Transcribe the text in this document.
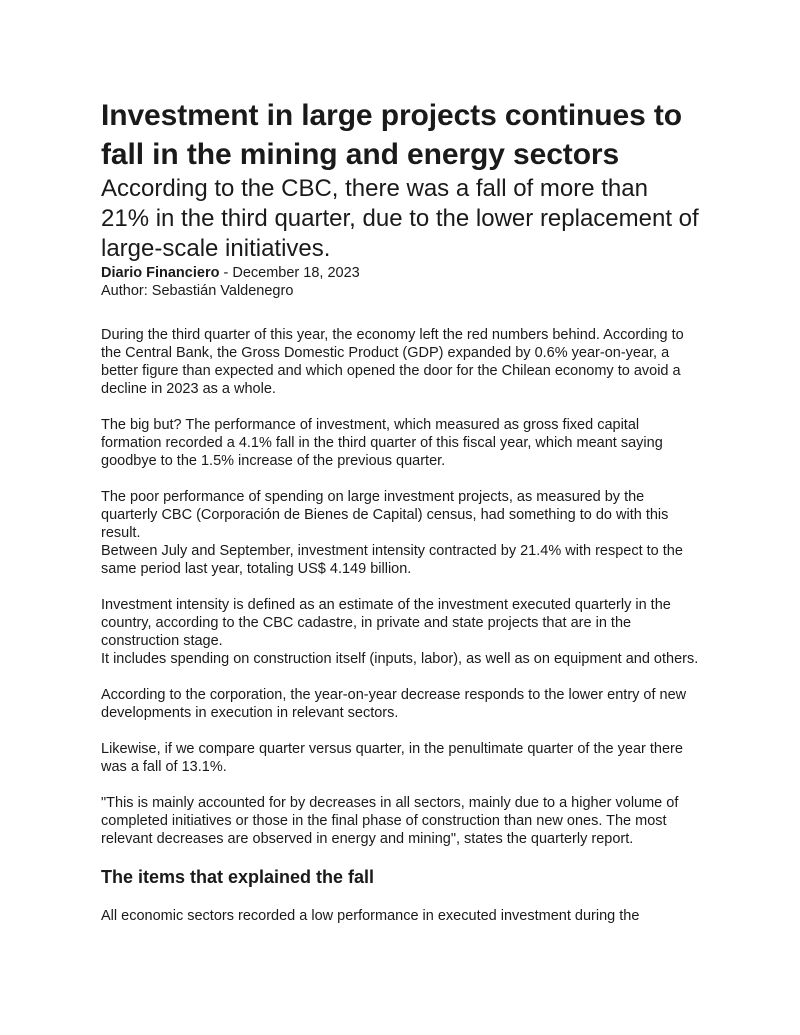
Investment in large projects continues to fall in the mining and energy sectors
According to the CBC, there was a fall of more than 21% in the third quarter, due to the lower replacement of large-scale initiatives.

Diario Financiero - December 18, 2023

Author: Sebastián Valdenegro

During the third quarter of this year, the economy left the red numbers behind. According to the Central Bank, the Gross Domestic Product (GDP) expanded by 0.6% year-on-year, a better figure than expected and which opened the door for the Chilean economy to avoid a decline in 2023 as a whole.

The big but? The performance of investment, which measured as gross fixed capital formation recorded a 4.1% fall in the third quarter of this fiscal year, which meant saying goodbye to the 1.5% increase of the previous quarter.

The poor performance of spending on large investment projects, as measured by the quarterly CBC (Corporación de Bienes de Capital) census, had something to do with this result.
Between July and September, investment intensity contracted by 21.4% with respect to the same period last year, totaling US$ 4.149 billion.

Investment intensity is defined as an estimate of the investment executed quarterly in the country, according to the CBC cadastre, in private and state projects that are in the construction stage.
It includes spending on construction itself (inputs, labor), as well as on equipment and others.

According to the corporation, the year-on-year decrease responds to the lower entry of new developments in execution in relevant sectors.

Likewise, if we compare quarter versus quarter, in the penultimate quarter of the year there was a fall of 13.1%.

"This is mainly accounted for by decreases in all sectors, mainly due to a higher volume of completed initiatives or those in the final phase of construction than new ones. The most relevant decreases are observed in energy and mining", states the quarterly report.

The items that explained the fall

All economic sectors recorded a low performance in executed investment during the
